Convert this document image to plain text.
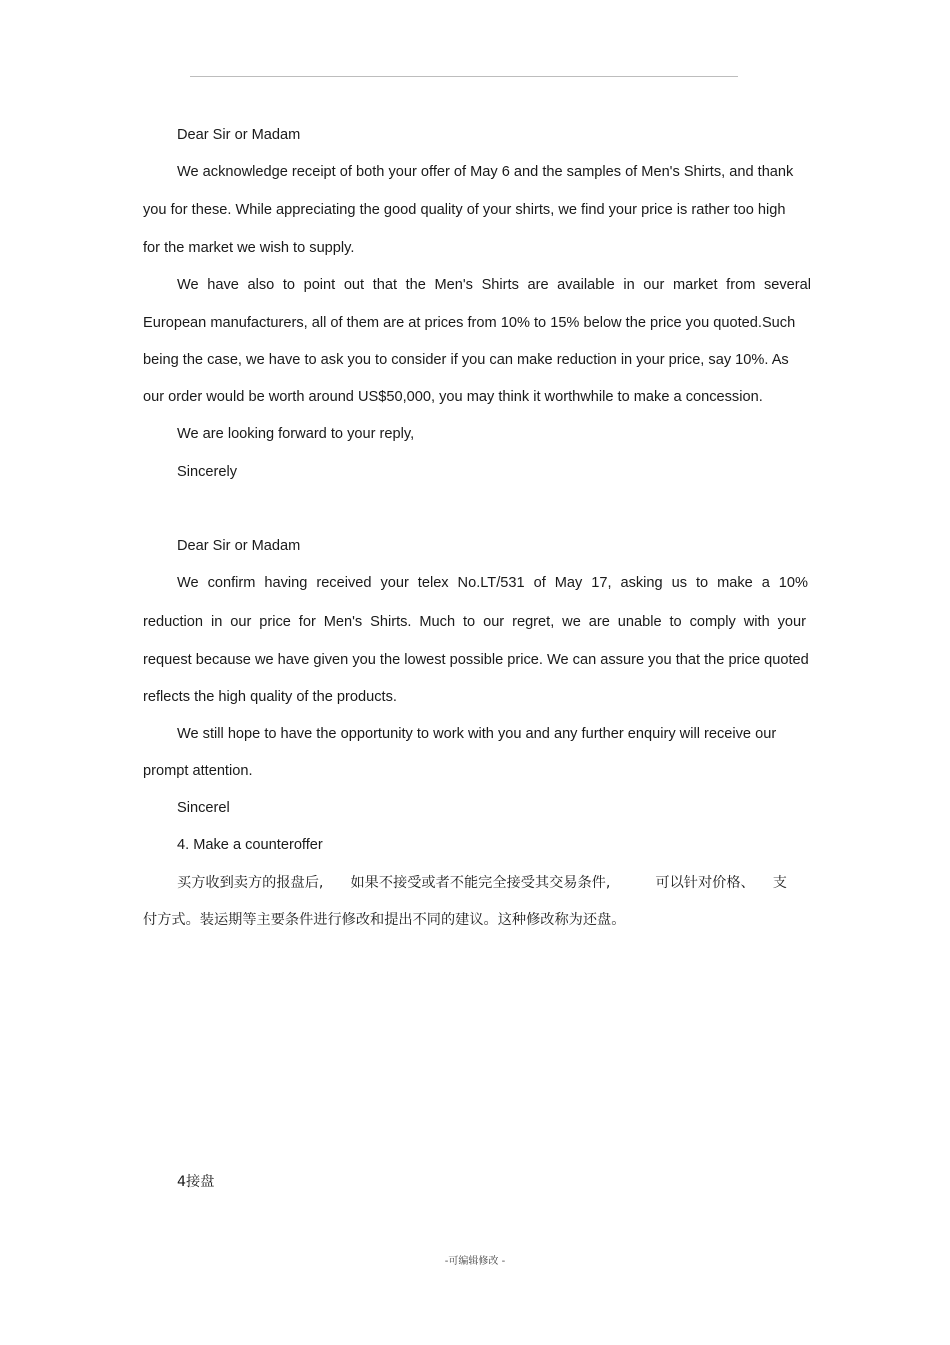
Dear Sir or Madam
We acknowledge receipt of both your offer of May 6 and the samples of Men's Shirts, and thank
you for these. While appreciating the good quality of your shirts, we find your price is rather too high
for the market we wish to supply.
We have also to point out that the Men's Shirts are available in our market from several
European manufacturers, all of them are at prices from 10% to 15% below the price you quoted.Such
being the case, we have to ask you to consider if you can make reduction in your price, say 10%. As
our order would be worth around US$50,000, you may think it worthwhile to make a concession.
We are looking forward to your reply,
Sincerely
Dear Sir or Madam
We confirm having received your telex No.LT/531 of May 17, asking us to make a 10%
reduction in our price for Men's Shirts. Much to our regret, we are unable to comply with your
request because we have given you the lowest possible price. We can assure you that the price quoted
reflects the high quality of the products.
We still hope to have the opportunity to work with you and any further enquiry will receive our
prompt attention.
Sincerel
4. Make a counteroffer
买方收到卖方的报盘后,      如果不接受或者不能完全接受其交易条件,          可以针对价格、    支
付方式。装运期等主要条件进行修改和提出不同的建议。这种修改称为还盘。
4接盘
-可编辑修改 -
